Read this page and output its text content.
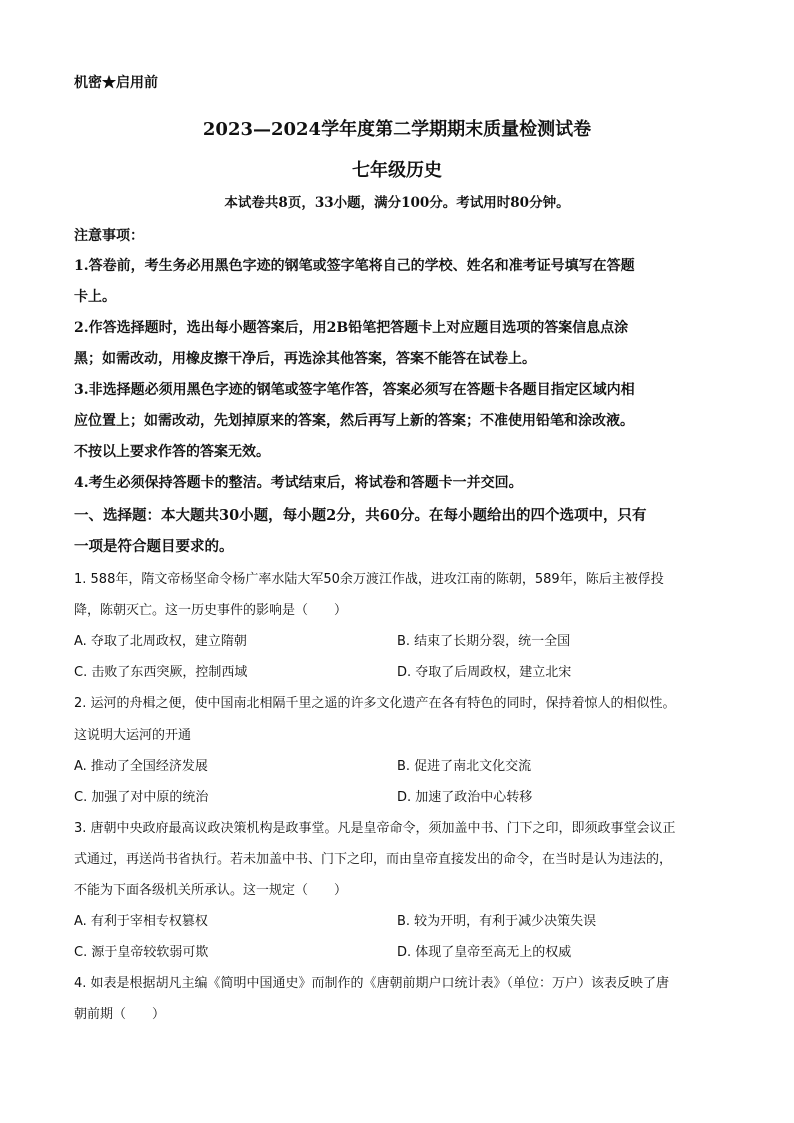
机密★启用前
2023—2024学年度第二学期期末质量检测试卷
七年级历史
本试卷共8页，33小题，满分100分。考试用时80分钟。
注意事项：
1.答卷前，考生务必用黑色字迹的钢笔或签字笔将自己的学校、姓名和准考证号填写在答题
卡上。
2.作答选择题时，选出每小题答案后，用2B铅笔把答题卡上对应题目选项的答案信息点涂
黑；如需改动，用橡皮擦干净后，再选涂其他答案，答案不能答在试卷上。
3.非选择题必须用黑色字迹的钢笔或签字笔作答，答案必须写在答题卡各题目指定区域内相
应位置上；如需改动，先划掉原来的答案，然后再写上新的答案；不准使用铅笔和涂改液。
不按以上要求作答的答案无效。
4.考生必须保持答题卡的整洁。考试结束后，将试卷和答题卡一并交回。
一、选择题：本大题共30小题，每小题2分，共60分。在每小题给出的四个选项中，只有
一项是符合题目要求的。
1. 588年，隋文帝杨坚命令杨广率水陆大军50余万渡江作战，进攻江南的陈朝，589年，陈后主被俘投
降，陈朝灭亡。这一历史事件的影响是（　　）
A. 夺取了北周政权，建立隋朝	B. 结束了长期分裂，统一全国
C. 击败了东西突厥，控制西域	D. 夺取了后周政权，建立北宋
2. 运河的舟楫之便，使中国南北相隔千里之遥的许多文化遗产在各有特色的同时，保持着惊人的相似性。
这说明大运河的开通
A. 推动了全国经济发展	B. 促进了南北文化交流
C. 加强了对中原的统治	D. 加速了政治中心转移
3. 唐朝中央政府最高议政决策机构是政事堂。凡是皇帝命令，须加盖中书、门下之印，即须政事堂会议正
式通过，再送尚书省执行。若未加盖中书、门下之印，而由皇帝直接发出的命令，在当时是认为违法的，
不能为下面各级机关所承认。这一规定（　　）
A. 有利于宰相专权篡权	B. 较为开明，有利于减少决策失误
C. 源于皇帝较软弱可欺	D. 体现了皇帝至高无上的权威
4. 如表是根据胡凡主编《简明中国通史》而制作的《唐朝前期户口统计表》（单位：万户）该表反映了唐
朝前期（　　）
